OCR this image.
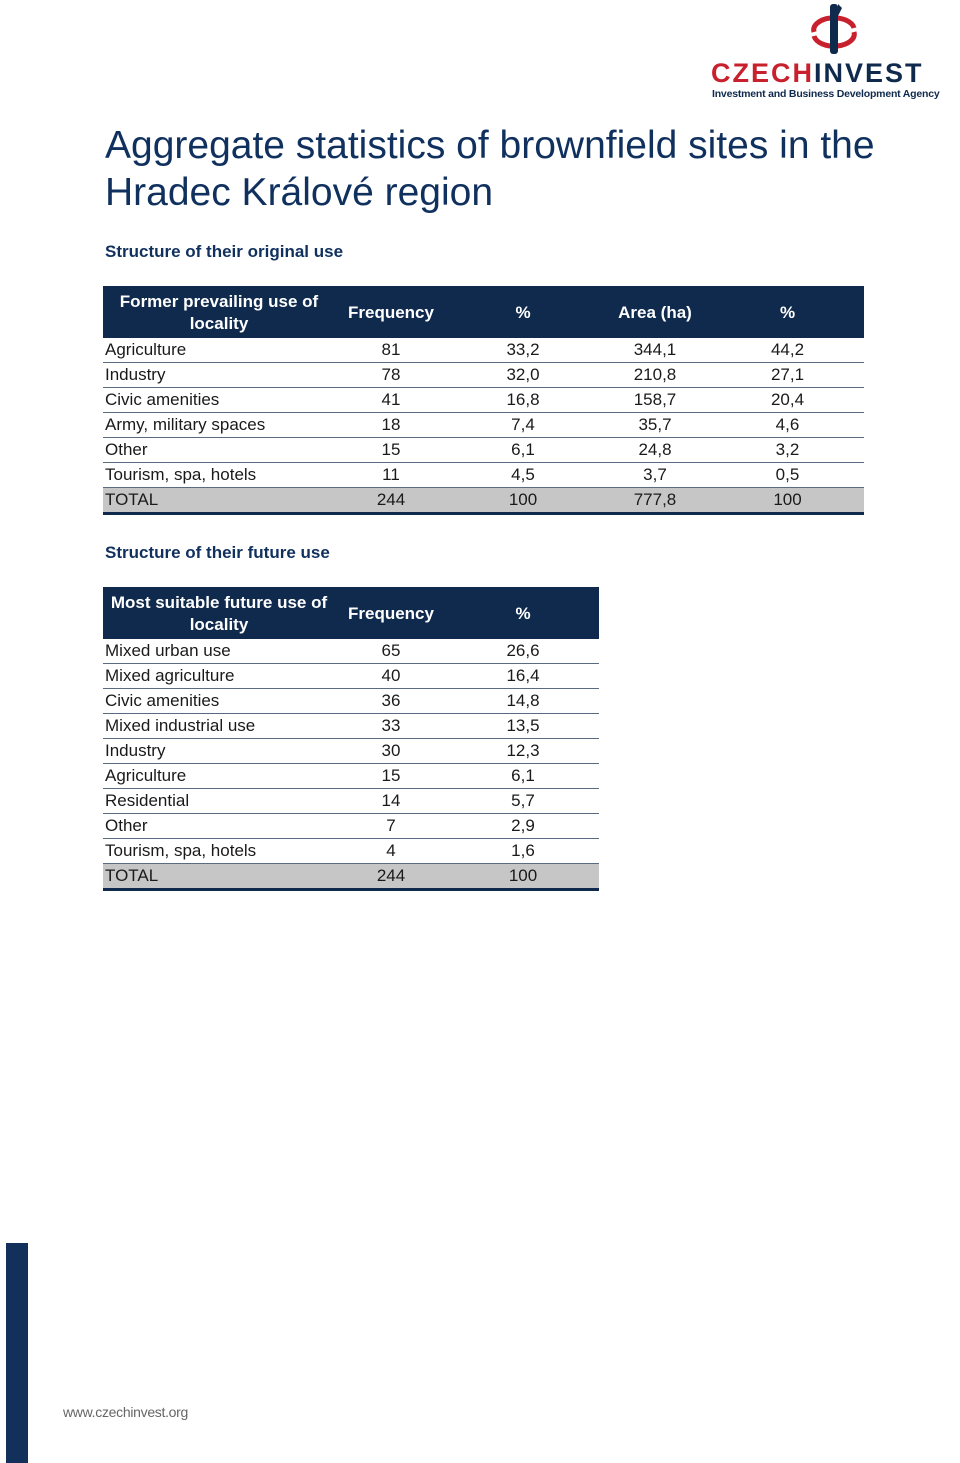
CZECHINVEST
Investment and Business Development Agency
Aggregate statistics of brownfield sites in the Hradec Králové region
Structure of their original use
Former prevailing use of locality	Frequency	%	Area (ha)	%
Agriculture	81	33,2	344,1	44,2
Industry	78	32,0	210,8	27,1
Civic amenities	41	16,8	158,7	20,4
Army, military spaces	18	7,4	35,7	4,6
Other	15	6,1	24,8	3,2
Tourism, spa, hotels	11	4,5	3,7	0,5
TOTAL	244	100	777,8	100
Structure of their future use
Most suitable future use of locality	Frequency	%
Mixed urban use	65	26,6
Mixed agriculture	40	16,4
Civic amenities	36	14,8
Mixed industrial use	33	13,5
Industry	30	12,3
Agriculture	15	6,1
Residential	14	5,7
Other	7	2,9
Tourism, spa, hotels	4	1,6
TOTAL	244	100
www.czechinvest.org
